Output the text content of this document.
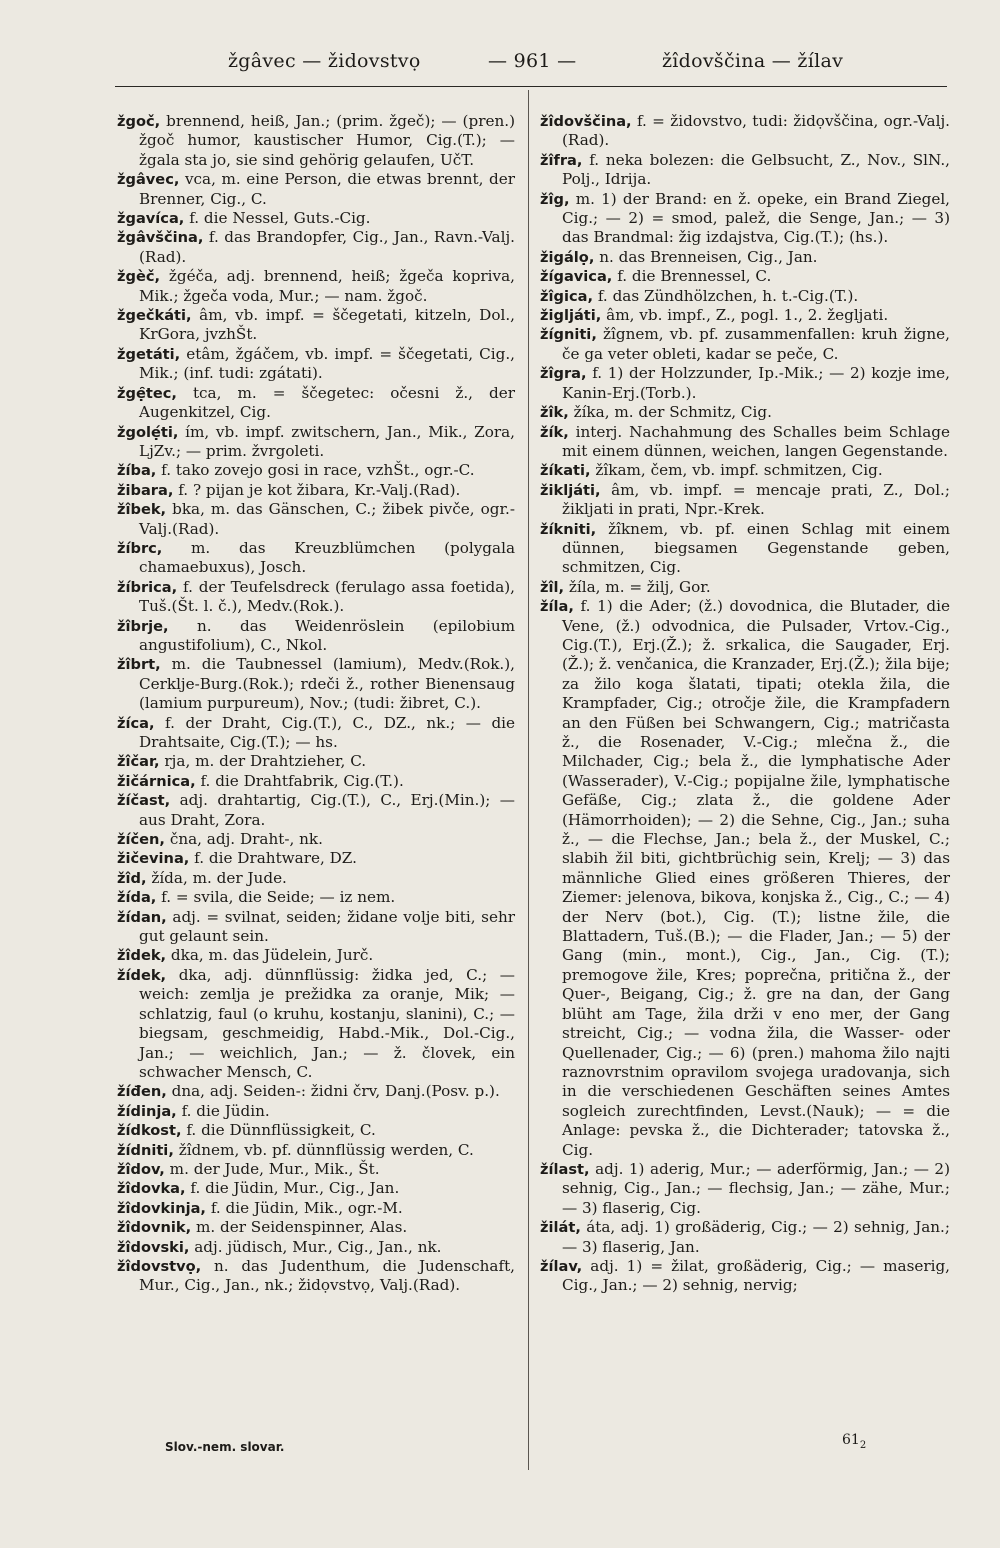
žgâvec — židovstvọ	— 961 —	žîdovščina — žílav

žgoč, brennend, heiß, Jan.; (prim. žgeč); — (pren.) žgoč humor, kaustischer Humor, Cig.(T.); — žgala sta jo, sie sind gehörig gelaufen, UčT.

žgâvec, vca, m. eine Person, die etwas brennt, der Brenner, Cig., C.

žgavíca, f. die Nessel, Guts.-Cig.

žgâvščina, f. das Brandopfer, Cig., Jan., Ravn.-Valj.(Rad).

žgèč, žgéča, adj. brennend, heiß; žgeča kopriva, Mik.; žgeča voda, Mur.; — nam. žgoč.

žgečkáti, âm, vb. impf. = ščegetati, kitzeln, Dol., KrGora, jvzhŠt.

žgetáti, etâm, žgáčem, vb. impf. = ščegetati, Cig., Mik.; (inf. tudi: zgátati).

žgẹ̑tec, tca, m. = ščegetec: očesni ž., der Augenkitzel, Cig.

žgolẹ́ti, ím, vb. impf. zwitschern, Jan., Mik., Zora, LjZv.; — prim. žvrgoleti.

žíba, f. tako zovejo gosi in race, vzhŠt., ogr.-C.

žibara, f. ? pijan je kot žibara, Kr.-Valj.(Rad).

žîbek, bka, m. das Gänschen, C.; žibek pivče, ogr.-Valj.(Rad).

žíbrc, m. das Kreuzblümchen (polygala chamaebuxus), Josch.

žíbrica, f. der Teufelsdreck (ferulago assa foetida), Tuš.(Št. l. č.), Medv.(Rok.).

žîbrje, n. das Weidenröslein (epilobium angustifolium), C., Nkol.

žîbrt, m. die Taubnessel (lamium), Medv.(Rok.), Cerklje-Burg.(Rok.); rdeči ž., rother Bienensaug (lamium purpureum), Nov.; (tudi: žibret, C.).

žíca, f. der Draht, Cig.(T.), C., DZ., nk.; — die Drahtsaite, Cig.(T.); — hs.

žîčar, rja, m. der Drahtzieher, C.

žičárnica, f. die Drahtfabrik, Cig.(T.).

žíčast, adj. drahtartig, Cig.(T.), C., Erj.(Min.); — aus Draht, Zora.

žíčen, čna, adj. Draht-, nk.

žičevina, f. die Drahtware, DZ.

žîd, žída, m. der Jude.

žída, f. = svila, die Seide; — iz nem.

žídan, adj. = svilnat, seiden; židane volje biti, sehr gut gelaunt sein.

žîdek, dka, m. das Jüdelein, Jurč.

žídek, dka, adj. dünnflüssig: židka jed, C.; — weich: zemlja je prežidka za oranje, Mik; — schlatzig, faul (o kruhu, kostanju, slanini), C.; — biegsam, geschmeidig, Habd.-Mik., Dol.-Cig., Jan.; — weichlich, Jan.; — ž. človek, ein schwacher Mensch, C.

žíđen, dna, adj. Seiden-: židni črv, Danj.(Posv. p.).

žídinja, f. die Jüdin.

žídkost, f. die Dünnflüssigkeit, C.

žídniti, žîdnem, vb. pf. dünnflüssig werden, C.

žîdov, m. der Jude, Mur., Mik., Št.

žîdovka, f. die Jüdin, Mur., Cig., Jan.

žîdovkinja, f. die Jüdin, Mik., ogr.-M.

žîdovnik, m. der Seidenspinner, Alas.

žîdovski, adj. jüdisch, Mur., Cig., Jan., nk.

žîdovstvọ, n. das Judenthum, die Judenschaft, Mur., Cig., Jan., nk.; židọvstvọ, Valj.(Rad).

žîdovščina, f. = židovstvo, tudi: židọvščina, ogr.-Valj.(Rad).

žîfra, f. neka bolezen: die Gelbsucht, Z., Nov., SlN., Polj., Idrija.

žîg, m. 1) der Brand: en ž. opeke, ein Brand Ziegel, Cig.; — 2) = smod, palež, die Senge, Jan.; — 3) das Brandmal: žig izdajstva, Cig.(T.); (hs.).

žigálọ, n. das Brenneisen, Cig., Jan.

žígavica, f. die Brennessel, C.

žîgica, f. das Zündhölzchen, h. t.-Cig.(T.).

žigljáti, âm, vb. impf., Z., pogl. 1., 2. žegljati.

žígniti, žîgnem, vb. pf. zusammenfallen: kruh žigne, če ga veter obleti, kadar se peče, C.

žîgra, f. 1) der Holzzunder, Ip.-Mik.; — 2) kozje ime, Kanin-Erj.(Torb.).

žîk, žíka, m. der Schmitz, Cig.

žík, interj. Nachahmung des Schalles beim Schlage mit einem dünnen, weichen, langen Gegenstande.

žíkati, žîkam, čem, vb. impf. schmitzen, Cig.

žikljáti, âm, vb. impf. = mencaje prati, Z., Dol.; žikljati in prati, Npr.-Krek.

žíkniti, žîknem, vb. pf. einen Schlag mit einem dünnen, biegsamen Gegenstande geben, schmitzen, Cig.

žîl, žíla, m. = žilj, Gor.

žíla, f. 1) die Ader; (ž.) dovodnica, die Blutader, die Vene, (ž.) odvodnica, die Pulsader, Vrtov.-Cig., Cig.(T.), Erj.(Ž.); ž. srkalica, die Saugader, Erj.(Ž.); ž. venčanica, die Kranzader, Erj.(Ž.); žila bije; za žilo koga šlatati, tipati; otekla žila, die Krampfader, Cig.; otročje žile, die Krampfadern an den Füßen bei Schwangern, Cig.; matričasta ž., die Rosenader, V.-Cig.; mlečna ž., die Milchader, Cig.; bela ž., die lymphatische Ader (Wasserader), V.-Cig.; popijalne žile, lymphatische Gefäße, Cig.; zlata ž., die goldene Ader (Hämorrhoiden); — 2) die Sehne, Cig., Jan.; suha ž., — die Flechse, Jan.; bela ž., der Muskel, C.; slabih žil biti, gichtbrüchig sein, Krelj; — 3) das männliche Glied eines größeren Thieres, der Ziemer: jelenova, bikova, konjska ž., Cig., C.; — 4) der Nerv (bot.), Cig. (T.); listne žile, die Blattadern, Tuš.(B.); — die Flader, Jan.; — 5) der Gang (min., mont.), Cig., Jan., Cig. (T.); premogove žile, Kres; poprečna, pritična ž., der Quer-, Beigang, Cig.; ž. gre na dan, der Gang blüht am Tage, žila drži v eno mer, der Gang streicht, Cig.; — vodna žila, die Wasser- oder Quellenader, Cig.; — 6) (pren.) mahoma žilo najti raznovrstnim opravilom svojega uradovanja, sich in die verschiedenen Geschäften seines Amtes sogleich zurechtfinden, Levst.(Nauk); — = die Anlage: pevska ž., die Dichterader; tatovska ž., Cig.

žílast, adj. 1) aderig, Mur.; — aderförmig, Jan.; — 2) sehnig, Cig., Jan.; — flechsig, Jan.; — zähe, Mur.; — 3) flaserig, Cig.

žilát, áta, adj. 1) großäderig, Cig.; — 2) sehnig, Jan.; — 3) flaserig, Jan.

žílav, adj. 1) = žilat, großäderig, Cig.; — maserig, Cig., Jan.; — 2) sehnig, nervig;

Slov.-nem. slovar.	$61_2$
